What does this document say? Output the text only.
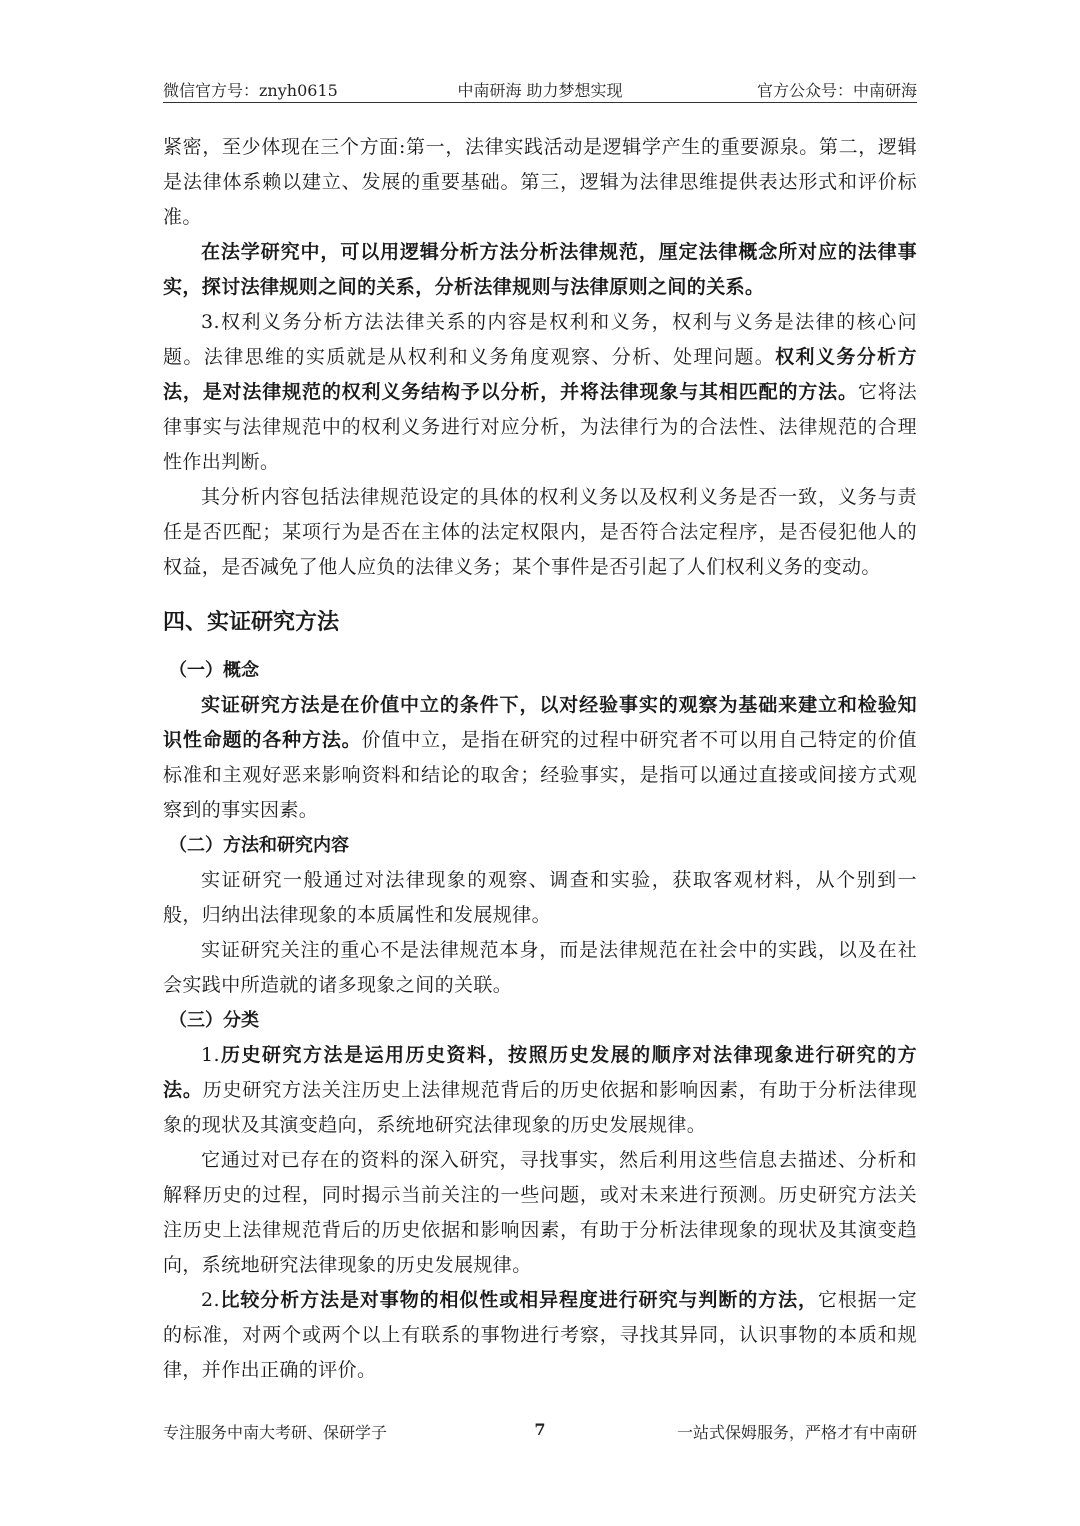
微信官方号：znyh0615	中南研海 助力梦想实现	官方公众号：中南研海

紧密，至少体现在三个方面:第一，法律实践活动是逻辑学产生的重要源泉。第二，逻辑是法律体系赖以建立、发展的重要基础。第三，逻辑为法律思维提供表达形式和评价标准。

在法学研究中，可以用逻辑分析方法分析法律规范，厘定法律概念所对应的法律事实，探讨法律规则之间的关系，分析法律规则与法律原则之间的关系。

3.权利义务分析方法法律关系的内容是权利和义务，权利与义务是法律的核心问题。法律思维的实质就是从权利和义务角度观察、分析、处理问题。权利义务分析方法，是对法律规范的权利义务结构予以分析，并将法律现象与其相匹配的方法。它将法律事实与法律规范中的权利义务进行对应分析，为法律行为的合法性、法律规范的合理性作出判断。

其分析内容包括法律规范设定的具体的权利义务以及权利义务是否一致，义务与责任是否匹配；某项行为是否在主体的法定权限内，是否符合法定程序，是否侵犯他人的权益，是否减免了他人应负的法律义务；某个事件是否引起了人们权利义务的变动。

四、实证研究方法
（一）概念

实证研究方法是在价值中立的条件下，以对经验事实的观察为基础来建立和检验知识性命题的各种方法。价值中立，是指在研究的过程中研究者不可以用自己特定的价值标准和主观好恶来影响资料和结论的取舍；经验事实，是指可以通过直接或间接方式观察到的事实因素。

（二）方法和研究内容

实证研究一般通过对法律现象的观察、调查和实验，获取客观材料，从个别到一般，归纳出法律现象的本质属性和发展规律。

实证研究关注的重心不是法律规范本身，而是法律规范在社会中的实践，以及在社会实践中所造就的诸多现象之间的关联。

（三）分类

1.历史研究方法是运用历史资料，按照历史发展的顺序对法律现象进行研究的方法。历史研究方法关注历史上法律规范背后的历史依据和影响因素，有助于分析法律现象的现状及其演变趋向，系统地研究法律现象的历史发展规律。

它通过对已存在的资料的深入研究，寻找事实，然后利用这些信息去描述、分析和解释历史的过程，同时揭示当前关注的一些问题，或对未来进行预测。历史研究方法关注历史上法律规范背后的历史依据和影响因素，有助于分析法律现象的现状及其演变趋向，系统地研究法律现象的历史发展规律。

2.比较分析方法是对事物的相似性或相异程度进行研究与判断的方法，它根据一定的标准，对两个或两个以上有联系的事物进行考察，寻找其异同，认识事物的本质和规律，并作出正确的评价。

专注服务中南大考研、保研学子	7	一站式保姆服务，严格才有中南研
